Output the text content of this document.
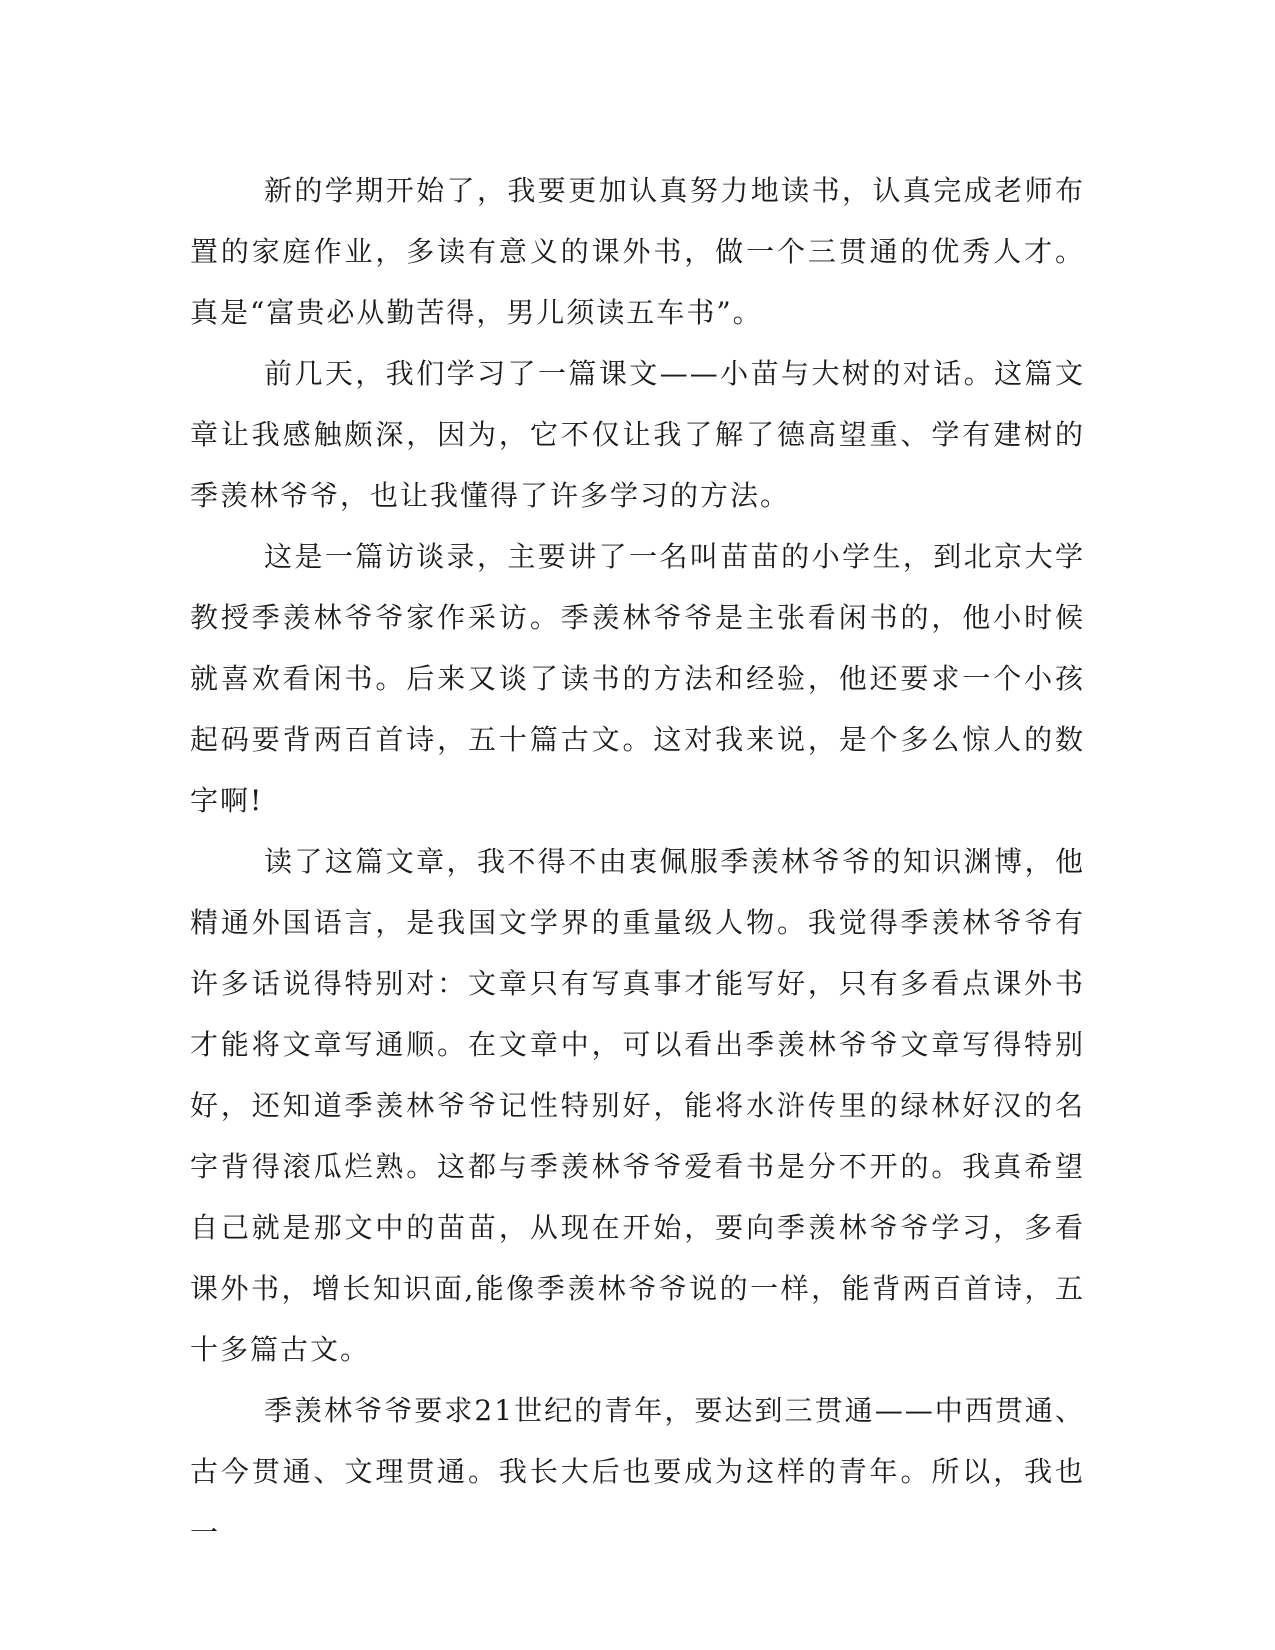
新的学期开始了，我要更加认真努力地读书，认真完成老师布置的家庭作业，多读有意义的课外书，做一个三贯通的优秀人才。真是“富贵必从勤苦得，男儿须读五车书”。

前几天，我们学习了一篇课文——小苗与大树的对话。这篇文章让我感触颇深，因为，它不仅让我了解了德高望重、学有建树的季羡林爷爷，也让我懂得了许多学习的方法。

这是一篇访谈录，主要讲了一名叫苗苗的小学生，到北京大学教授季羡林爷爷家作采访。季羡林爷爷是主张看闲书的，他小时候就喜欢看闲书。后来又谈了读书的方法和经验，他还要求一个小孩起码要背两百首诗，五十篇古文。这对我来说，是个多么惊人的数字啊!

读了这篇文章，我不得不由衷佩服季羡林爷爷的知识渊博，他精通外国语言，是我国文学界的重量级人物。我觉得季羡林爷爷有许多话说得特别对：文章只有写真事才能写好，只有多看点课外书才能将文章写通顺。在文章中，可以看出季羡林爷爷文章写得特别好，还知道季羡林爷爷记性特别好，能将水浒传里的绿林好汉的名字背得滚瓜烂熟。这都与季羡林爷爷爱看书是分不开的。我真希望自己就是那文中的苗苗，从现在开始，要向季羡林爷爷学习，多看课外书，增长知识面,能像季羡林爷爷说的一样，能背两百首诗，五十多篇古文。

季羡林爷爷要求21世纪的青年，要达到三贯通——中西贯通、古今贯通、文理贯通。我长大后也要成为这样的青年。所以，我也一
